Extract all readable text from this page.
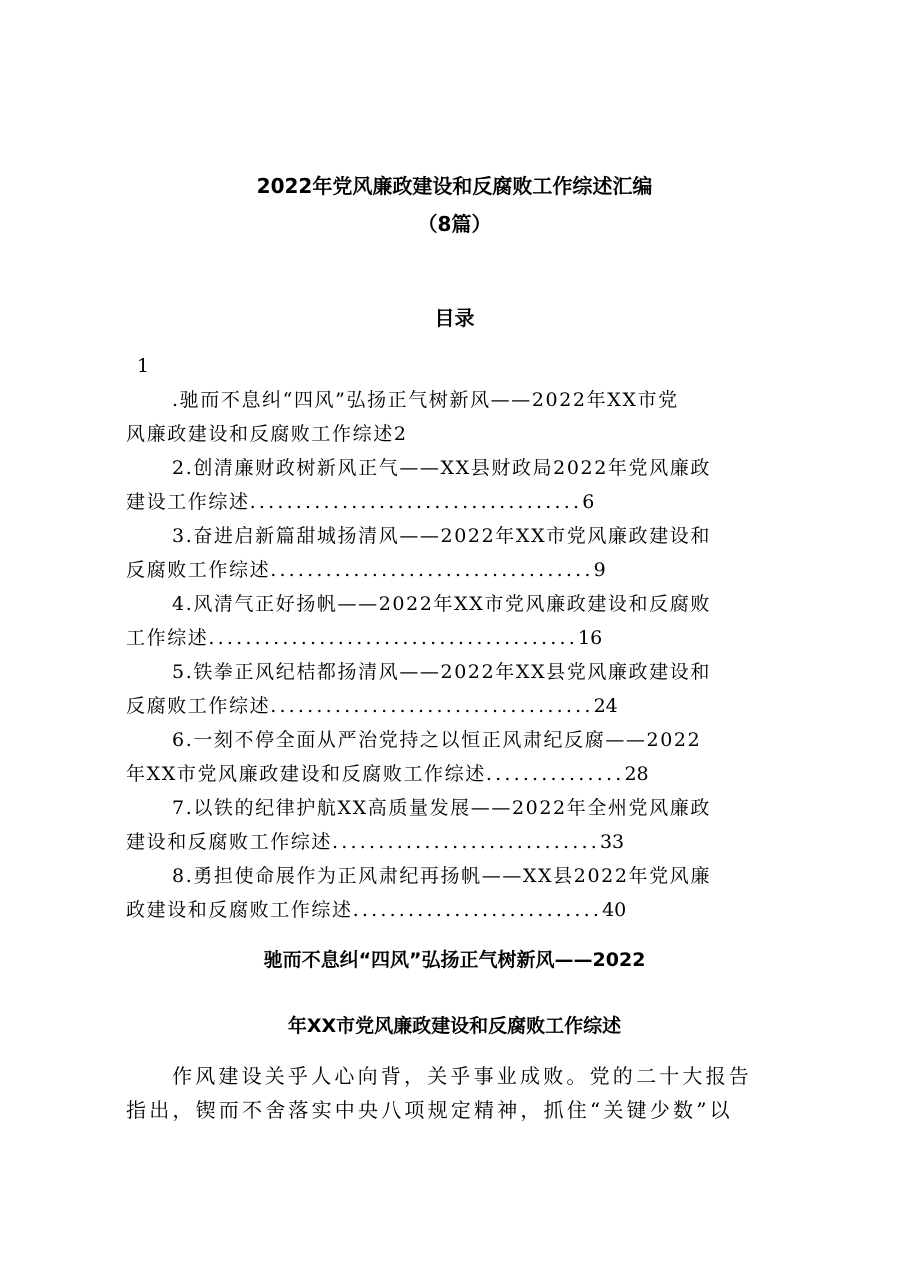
2022年党风廉政建设和反腐败工作综述汇编
（8篇）
目录
1
.驰而不息纠“四风”弘扬正气树新风——2022年XX市党
风廉政建设和反腐败工作综述2
2.创清廉财政树新风正气——XX县财政局2022年党风廉政
建设工作综述....................................6
3.奋进启新篇甜城扬清风——2022年XX市党风廉政建设和
反腐败工作综述...................................9
4.风清气正好扬帆——2022年XX市党风廉政建设和反腐败
工作综述........................................16
5.铁拳正风纪桔都扬清风——2022年XX县党风廉政建设和
反腐败工作综述...................................24
6.一刻不停全面从严治党持之以恒正风肃纪反腐——2022
年XX市党风廉政建设和反腐败工作综述...............28
7.以铁的纪律护航XX高质量发展——2022年全州党风廉政
建设和反腐败工作综述.............................33
8.勇担使命展作为正风肃纪再扬帆——XX县2022年党风廉
政建设和反腐败工作综述...........................40
驰而不息纠“四风”弘扬正气树新风——2022
年XX市党风廉政建设和反腐败工作综述
作风建设关乎人心向背，关乎事业成败。党的二十大报告
指出，锲而不舍落实中央八项规定精神，抓住“关键少数”以
